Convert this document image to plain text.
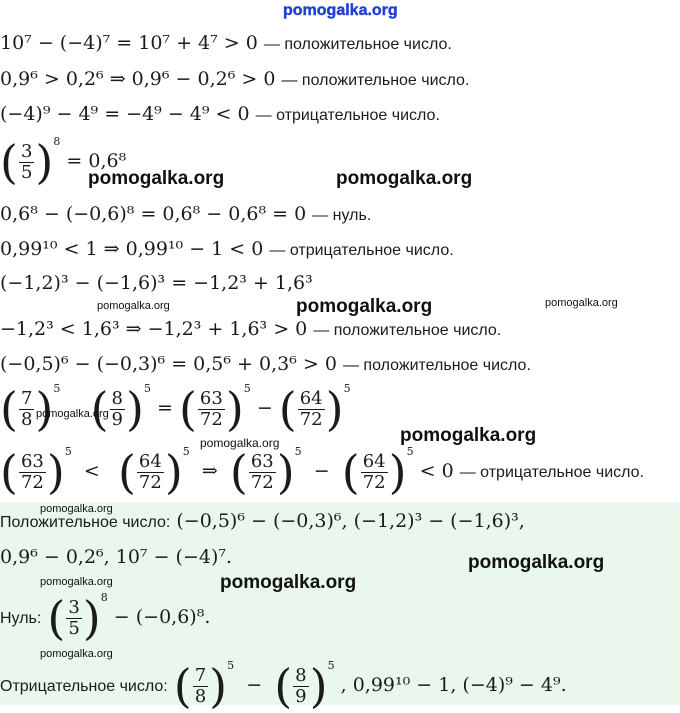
pomogalka.org
10⁷ − (−4)⁷ = 10⁷ + 4⁷ > 0 — положительное число.
0,9⁶ > 0,2⁶ ⇒ 0,9⁶ − 0,2⁶ > 0 — положительное число.
(−4)⁹ − 4⁹ = −4⁹ − 4⁹ < 0 — отрицательное число.
( $\frac{3}{5} )^8 = 0,6^8$
pomogalka.org	pomogalka.org
0,6⁸ − (−0,6)⁸ = 0,6⁸ − 0,6⁸ = 0 — нуль.
0,99¹⁰ < 1 ⇒ 0,99¹⁰ − 1 < 0 — отрицательное число.
(−1,2)³ − (−1,6)³ = −1,2³ + 1,6³
pomogalka.org	pomogalka.org	pomogalka.org
−1,2³ < 1,6³ ⇒ −1,2³ + 1,6³ > 0 — положительное число.
(−0,5)⁶ − (−0,3)⁶ = 0,5⁶ + 0,3⁶ > 0 — положительное число.
( $\frac{7}{8} )^5$ ( $\frac{8}{9} )^5$ = ( $\frac{63}{72} )^5$ − ( $\frac{64}{72} )^5$
pomogalka.org
pomogalka.org	pomogalka.org
( $\frac{63}{72} )^5$  <   ( $\frac{64}{72} )^5$  ⇒  ( $\frac{63}{72} )^5$  −  ( $\frac{64}{72} )^5 < 0$ — отрицательное число.
pomogalka.org
Положительное число: (−0,5)⁶ − (−0,3)⁶, (−1,2)³ − (−1,6)³,
0,9⁶ − 0,2⁶, 10⁷ − (−4)⁷.	pomogalka.org
pomogalka.org	pomogalka.org
Нуль: ( $\frac{3}{5} )^8 - (-0,6)^8$.
pomogalka.org
Отрицательное число: ( $\frac{7}{8} )^5$  −  ( $\frac{8}{9} )^5$ , 0,99¹⁰ − 1, (−4)⁹ − 4⁹.
